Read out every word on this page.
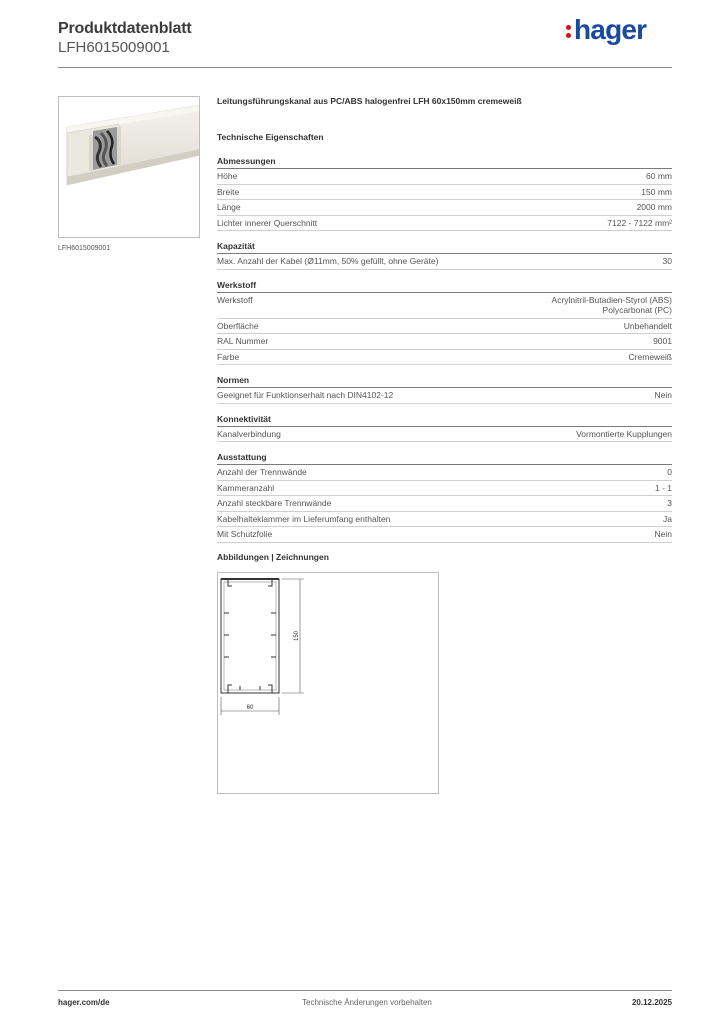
Produktdatenblatt
LFH6015009001
hager
LFH6015009001
Leitungsführungskanal aus PC/ABS halogenfrei LFH 60x150mm cremeweiß
Technische Eigenschaften
Abmessungen
Höhe	60 mm
Breite	150 mm
Länge	2000 mm
Lichter innerer Querschnitt	7122 - 7122 mm²
Kapazität
Max. Anzahl der Kabel (Ø11mm, 50% gefüllt, ohne Geräte)	30
Werkstoff
Werkstoff	Acrylnitril-Butadien-Styrol (ABS)
Polycarbonat (PC)
Oberfläche	Unbehandelt
RAL Nummer	9001
Farbe	Cremeweiß
Normen
Geeignet für Funktionserhalt nach DIN4102-12	Nein
Konnektivität
Kanalverbindung	Vormontierte Kupplungen
Ausstattung
Anzahl der Trennwände	0
Kammeranzahl	1 - 1
Anzahl steckbare Trennwände	3
Kabelhalteklammer im Lieferumfang enthalten	Ja
Mit Schutzfolie	Nein
Abbildungen | Zeichnungen
150
60
hager.com/de	Technische Änderungen vorbehalten	20.12.2025
